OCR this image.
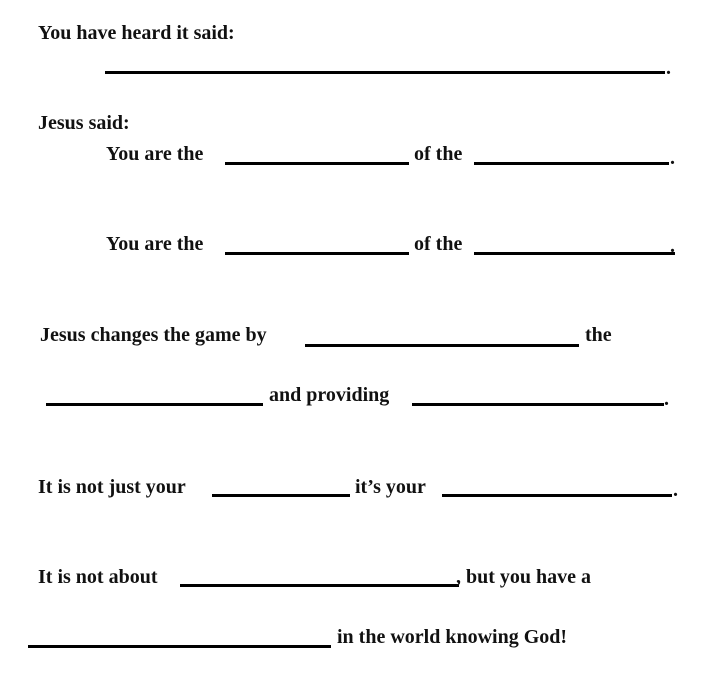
You have heard it said:
.
Jesus said:
You are the	of the	.
You are the	of the	.
Jesus changes the game by	the
and providing	.
It is not just your	it’s your	.
It is not about	, but you have a
in the world knowing God!
